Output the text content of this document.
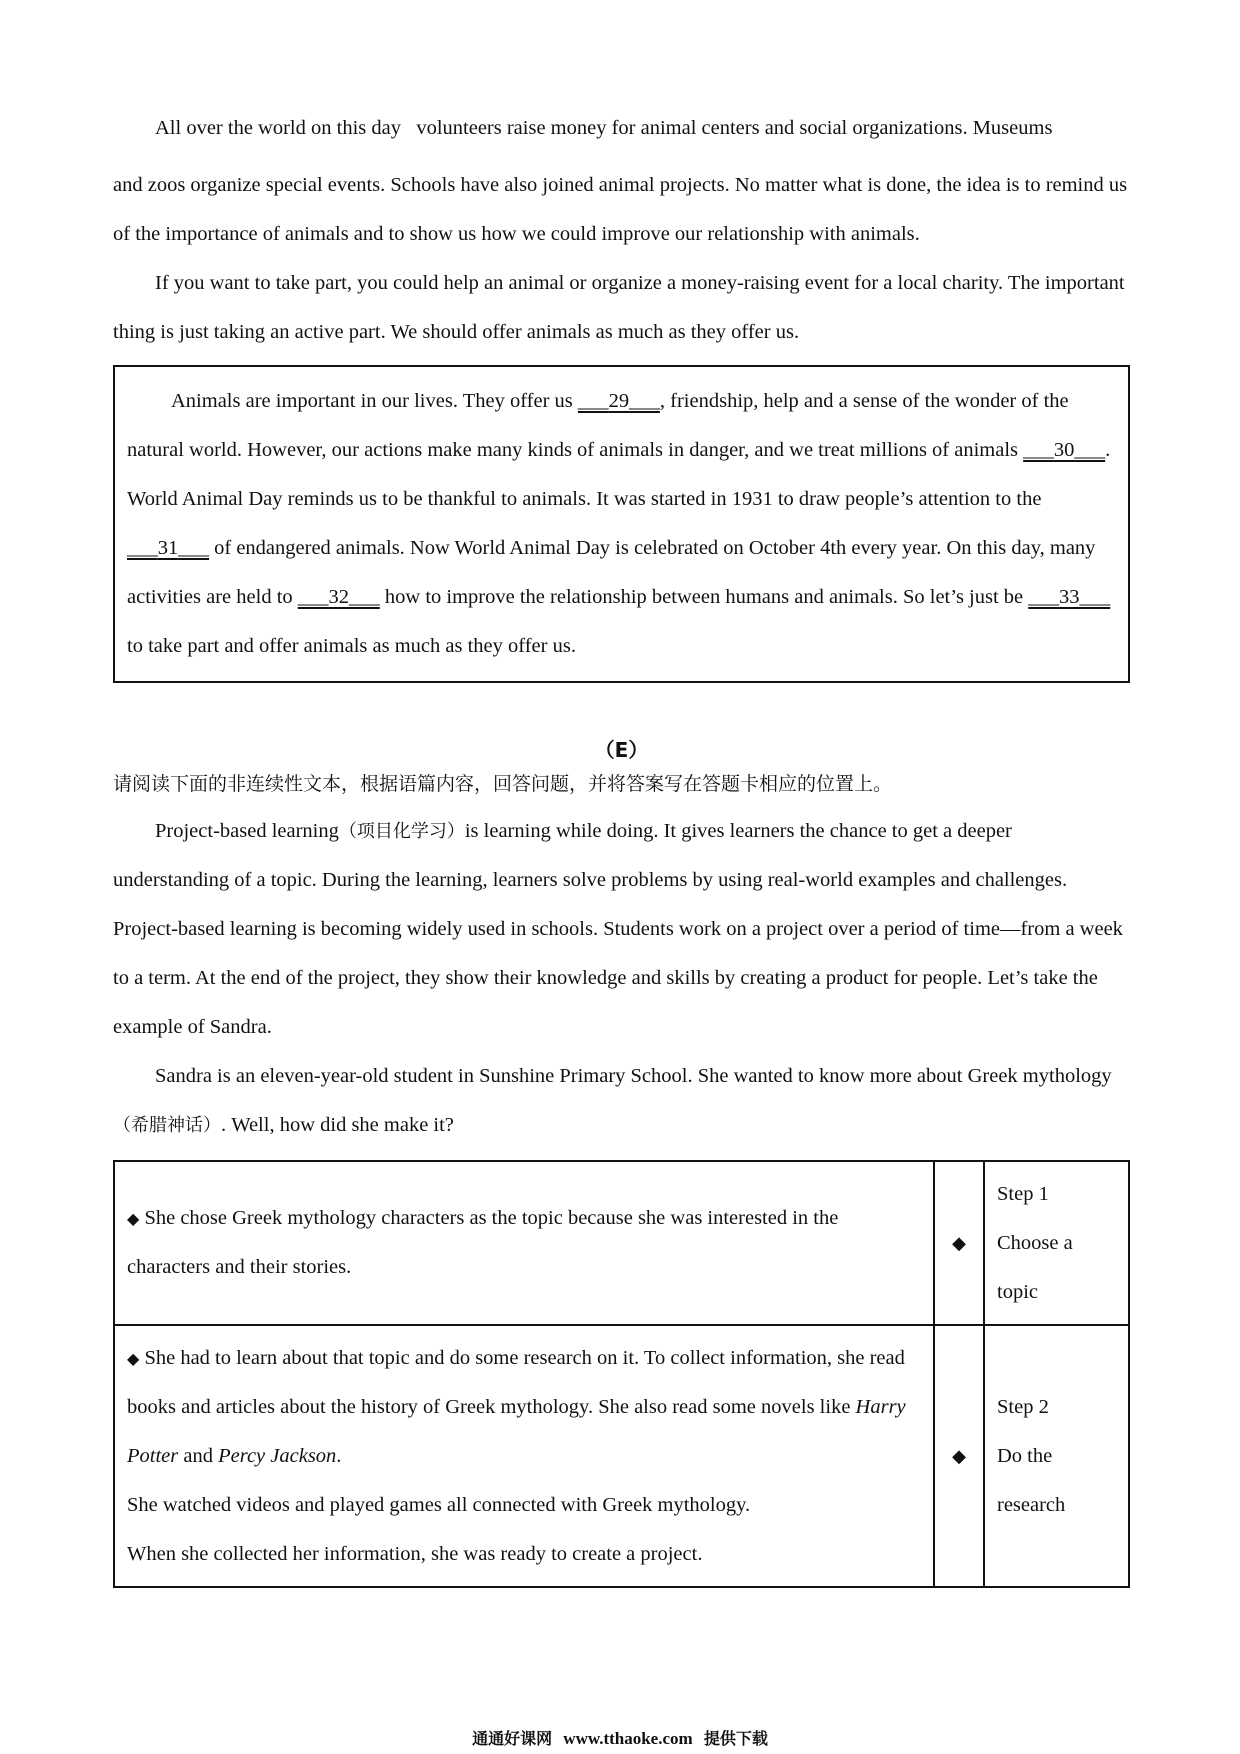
All over the world on this day   volunteers raise money for animal centers and social organizations. Museums

and zoos organize special events. Schools have also joined animal projects. No matter what is done, the idea is to remind us of the importance of animals and to show us how we could improve our relationship with animals.

If you want to take part, you could help an animal or organize a money-raising event for a local charity. The important thing is just taking an active part. We should offer animals as much as they offer us.

Animals are important in our lives. They offer us ___29___, friendship, help and a sense of the wonder of the natural world. However, our actions make many kinds of animals in danger, and we treat millions of animals ___30___. World Animal Day reminds us to be thankful to animals. It was started in 1931 to draw people’s attention to the ___31___ of endangered animals. Now World Animal Day is celebrated on October 4th every year. On this day, many activities are held to ___32___ how to improve the relationship between humans and animals. So let’s just be ___33___ to take part and offer animals as much as they offer us.

（E）

请阅读下面的非连续性文本，根据语篇内容，回答问题，并将答案写在答题卡相应的位置上。

Project-based learning（项目化学习）is learning while doing. It gives learners the chance to get a deeper understanding of a topic. During the learning, learners solve problems by using real-world examples and challenges. Project-based learning is becoming widely used in schools. Students work on a project over a period of time—from a week to a term. At the end of the project, they show their knowledge and skills by creating a product for people. Let’s take the example of Sandra.

Sandra is an eleven-year-old student in Sunshine Primary School. She wanted to know more about Greek mythology（希腊神话）. Well, how did she make it?

◆ She chose Greek mythology characters as the topic because she was interested in the characters and their stories.	◆	Step 1
Choose a topic

◆ She had to learn about that topic and do some research on it. To collect information, she read books and articles about the history of Greek mythology. She also read some novels like Harry Potter and Percy Jackson.
She watched videos and played games all connected with Greek mythology.
When she collected her information, she was ready to create a project.	◆	Step 2
Do the research
通通好课网 www.tthaoke.com 提供下载
